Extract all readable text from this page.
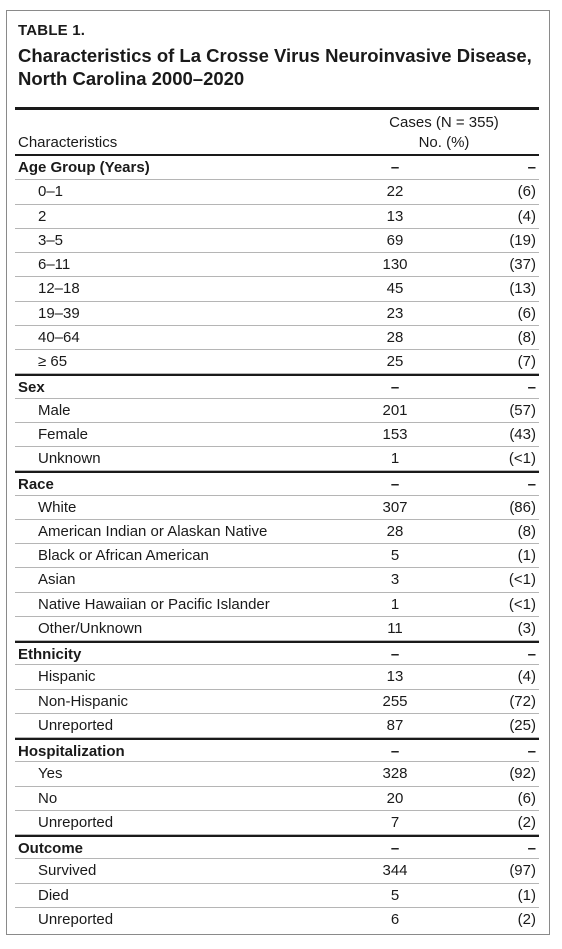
TABLE 1.
Characteristics of La Crosse Virus Neuroinvasive Disease, North Carolina 2000–2020
Characteristics
Cases (N = 355)
No. (%)
Age Group (Years)	–	–
0–1	22	(6)
2	13	(4)
3–5	69	(19)
6–11	130	(37)
12–18	45	(13)
19–39	23	(6)
40–64	28	(8)
≥ 65	25	(7)
Sex	–	–
Male	201	(57)
Female	153	(43)
Unknown	1	(<1)
Race	–	–
White	307	(86)
American Indian or Alaskan Native	28	(8)
Black or African American	5	(1)
Asian	3	(<1)
Native Hawaiian or Pacific Islander	1	(<1)
Other/Unknown	11	(3)
Ethnicity	–	–
Hispanic	13	(4)
Non-Hispanic	255	(72)
Unreported	87	(25)
Hospitalization	–	–
Yes	328	(92)
No	20	(6)
Unreported	7	(2)
Outcome	–	–
Survived	344	(97)
Died	5	(1)
Unreported	6	(2)
